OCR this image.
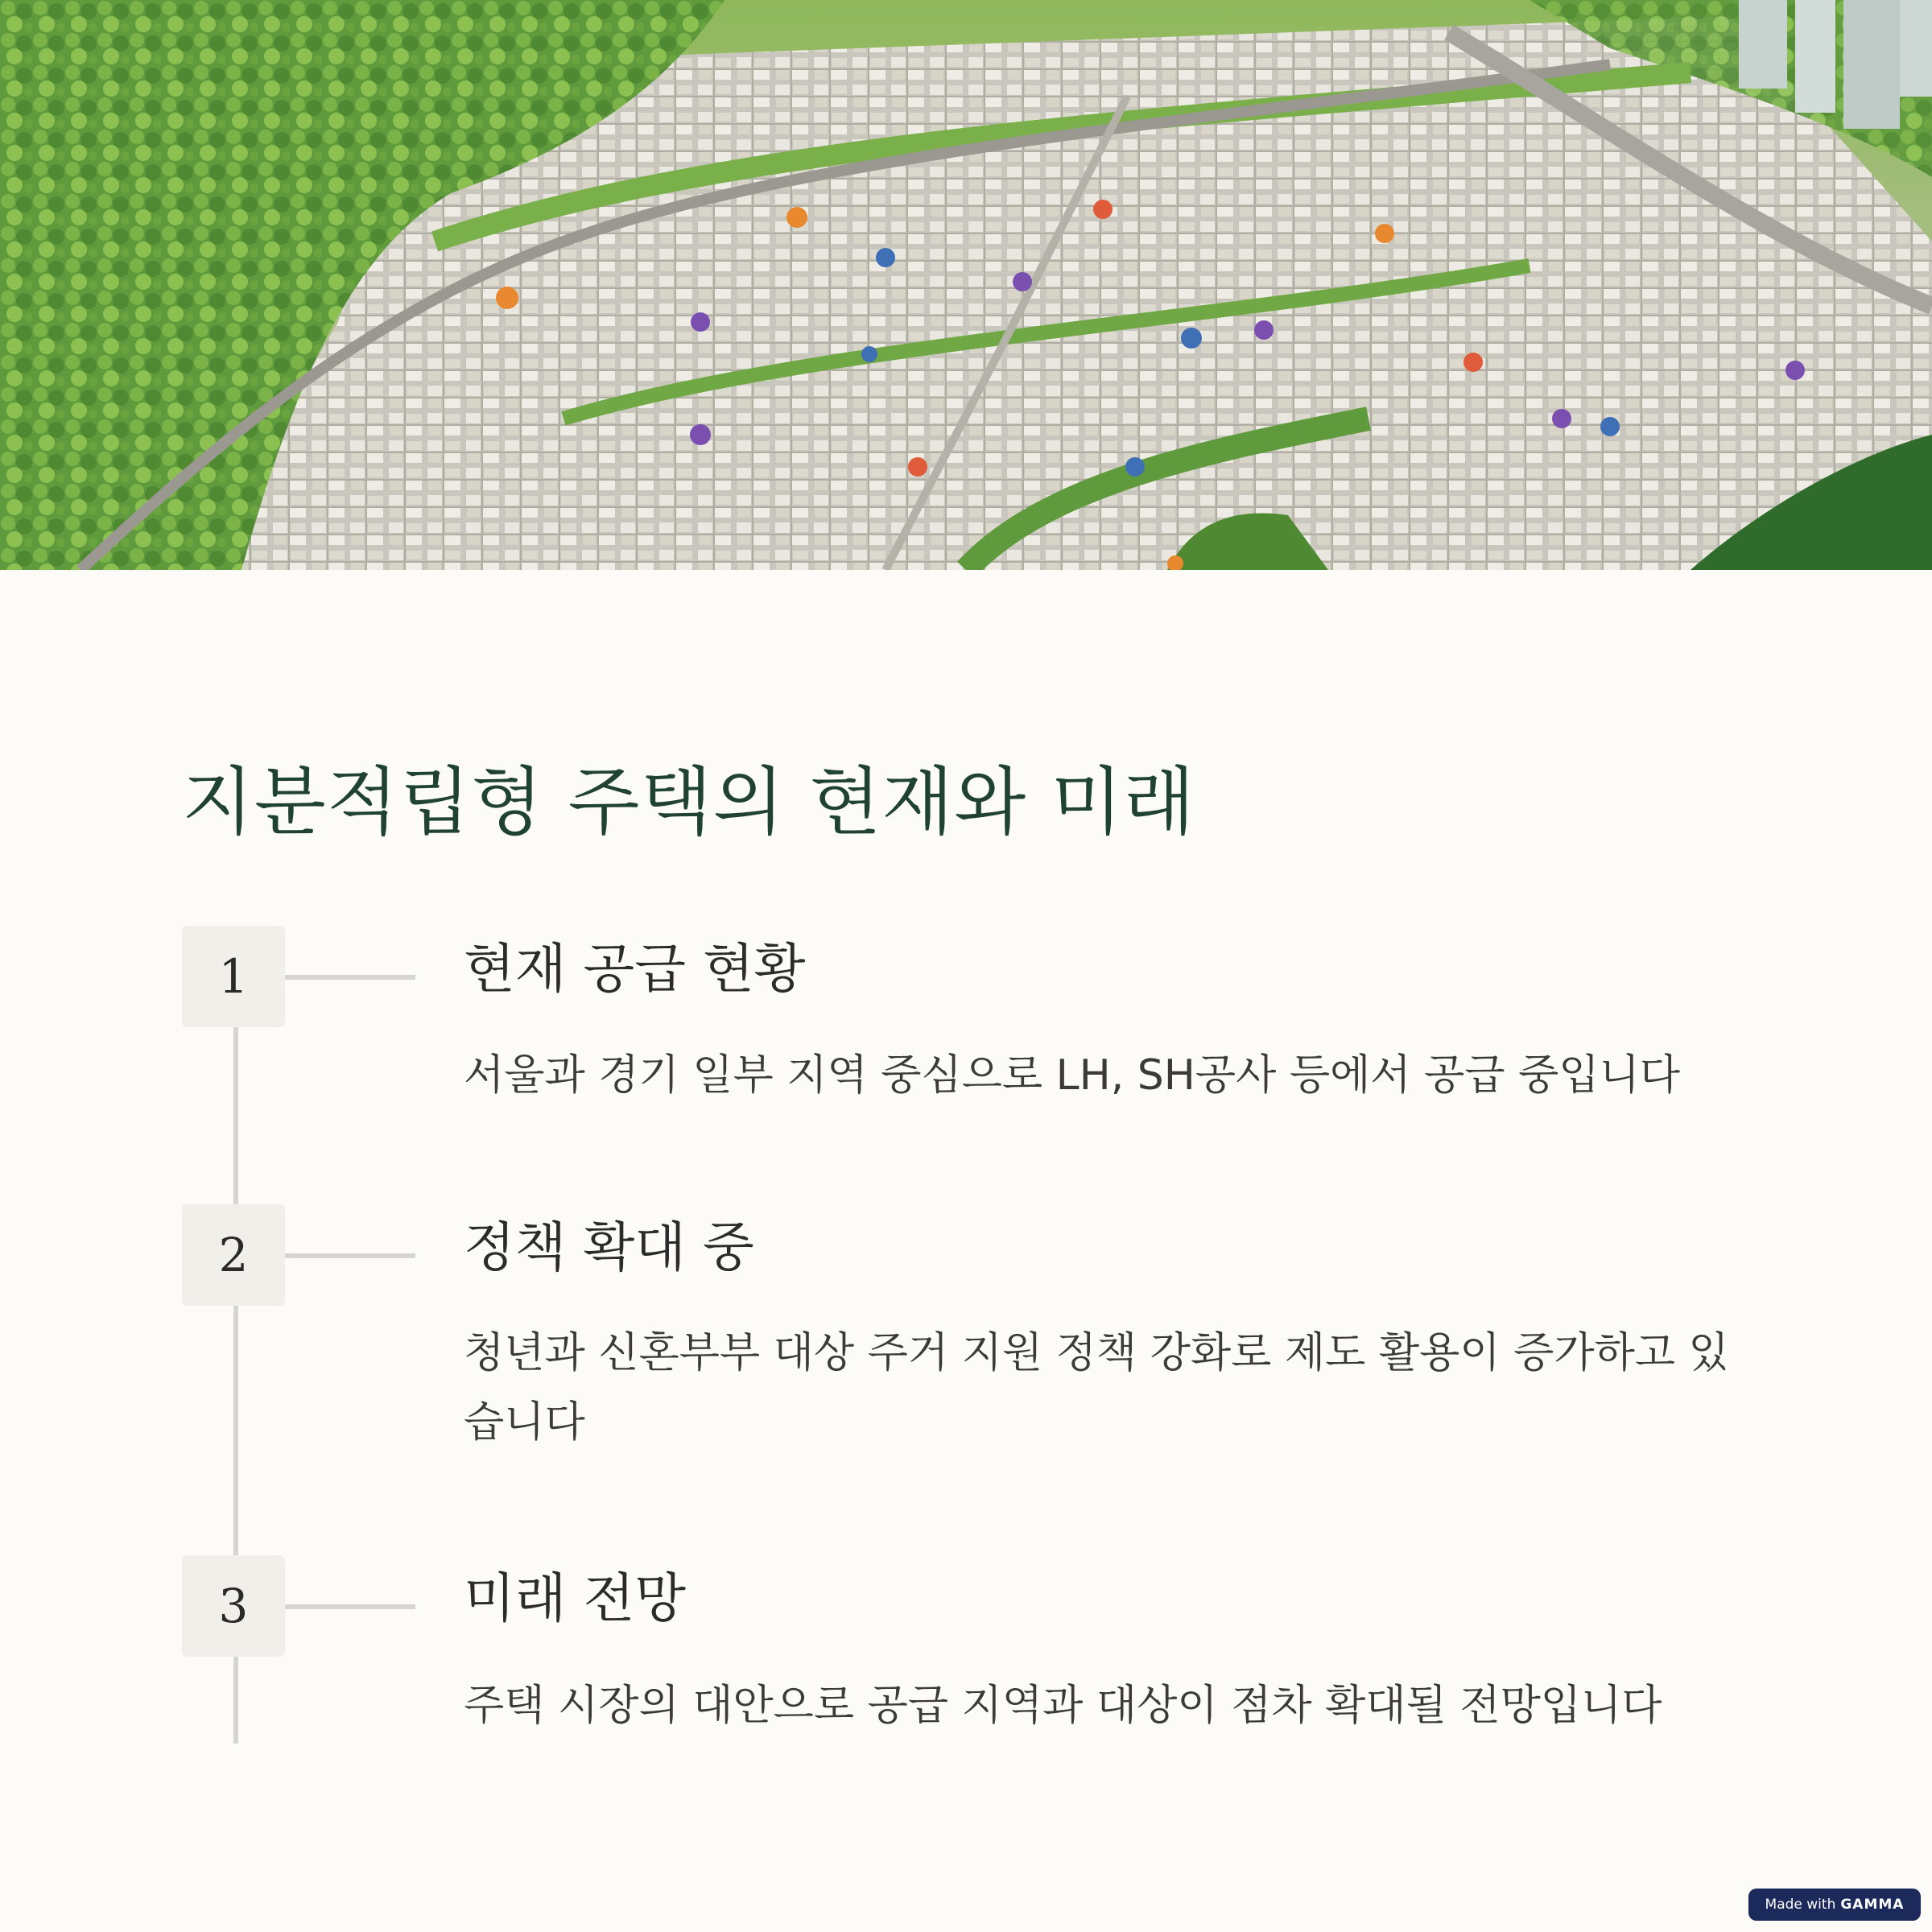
지분적립형 주택의 현재와 미래
1	현재 공급 현황

서울과 경기 일부 지역 중심으로 LH, SH공사 등에서 공급 중입니다

2	정책 확대 중

청년과 신혼부부 대상 주거 지원 정책 강화로 제도 활용이 증가하고 있습니다

3	미래 전망

주택 시장의 대안으로 공급 지역과 대상이 점차 확대될 전망입니다

Made with GAMMA
